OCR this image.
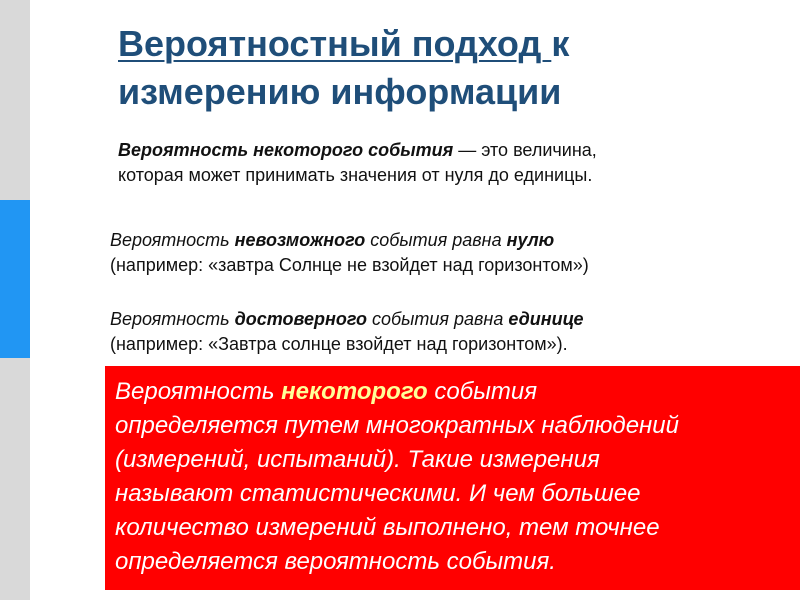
Вероятностный подход к
измерению информации

Вероятность некоторого события — это величина,
которая может принимать значения от нуля до единицы.

Вероятность невозможного события равна нулю
(например: «завтра Солнце не взойдет над горизонтом»)

Вероятность достоверного события равна единице
(например: «Завтра солнце взойдет над горизонтом»).

Вероятность некоторого события
определяется путем многократных наблюдений
(измерений, испытаний). Такие измерения
называют статистическими. И чем большее
количество измерений выполнено, тем точнее
определяется вероятность события.
